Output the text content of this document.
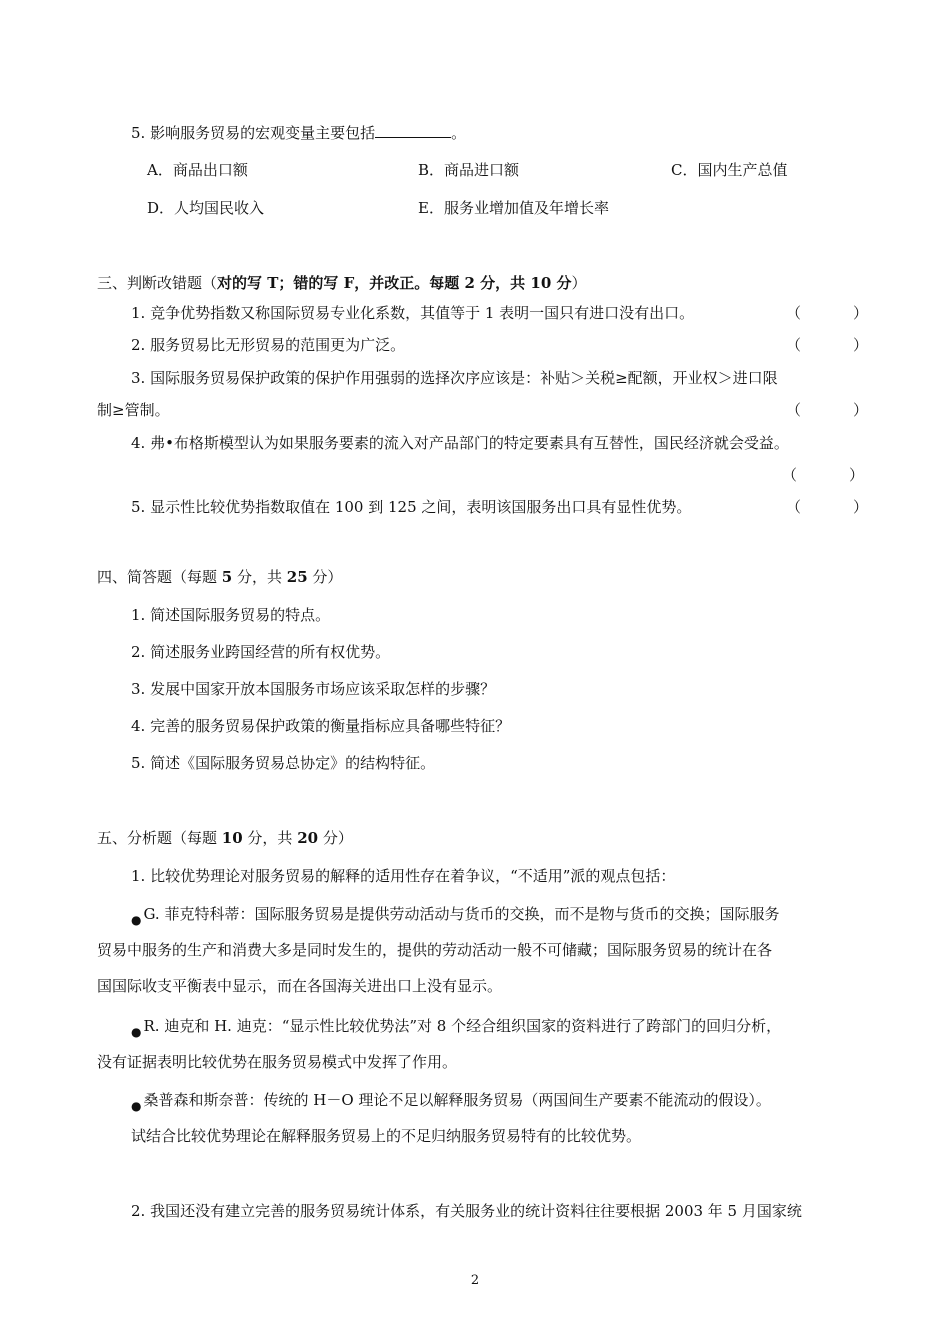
5. 影响服务贸易的宏观变量主要包括	。
A．商品出口额	B．商品进口额	C．国内生产总值
D．人均国民收入	E．服务业增加值及年增长率
三、判断改错题（对的写 T；错的写 F，并改正。每题 2 分，共 10 分）
1. 竞争优势指数又称国际贸易专业化系数，其值等于 1 表明一国只有进口没有出口。	（	）
2. 服务贸易比无形贸易的范围更为广泛。	（	）
3. 国际服务贸易保护政策的保护作用强弱的选择次序应该是：补贴＞关税≥配额，开业权＞进口限
制≥管制。	（	）
4. 弗•布格斯模型认为如果服务要素的流入对产品部门的特定要素具有互替性，国民经济就会受益。
（	）
5. 显示性比较优势指数取值在 100 到 125 之间，表明该国服务出口具有显性优势。	（	）
四、简答题（每题 5 分，共 25 分）
1. 简述国际服务贸易的特点。
2. 简述服务业跨国经营的所有权优势。
3. 发展中国家开放本国服务市场应该采取怎样的步骤？
4. 完善的服务贸易保护政策的衡量指标应具备哪些特征？
5. 简述《国际服务贸易总协定》的结构特征。
五、分析题（每题 10 分，共 20 分）
1. 比较优势理论对服务贸易的解释的适用性存在着争议，“不适用”派的观点包括：
● G. 菲克特科蒂：国际服务贸易是提供劳动活动与货币的交换，而不是物与货币的交换；国际服务
贸易中服务的生产和消费大多是同时发生的，提供的劳动活动一般不可储藏；国际服务贸易的统计在各
国国际收支平衡表中显示，而在各国海关进出口上没有显示。
● R. 迪克和 H. 迪克：“显示性比较优势法”对 8 个经合组织国家的资料进行了跨部门的回归分析，
没有证据表明比较优势在服务贸易模式中发挥了作用。
● 桑普森和斯奈普：传统的 H－O 理论不足以解释服务贸易（两国间生产要素不能流动的假设）。
试结合比较优势理论在解释服务贸易上的不足归纳服务贸易特有的比较优势。
2. 我国还没有建立完善的服务贸易统计体系，有关服务业的统计资料往往要根据 2003 年 5 月国家统
2
